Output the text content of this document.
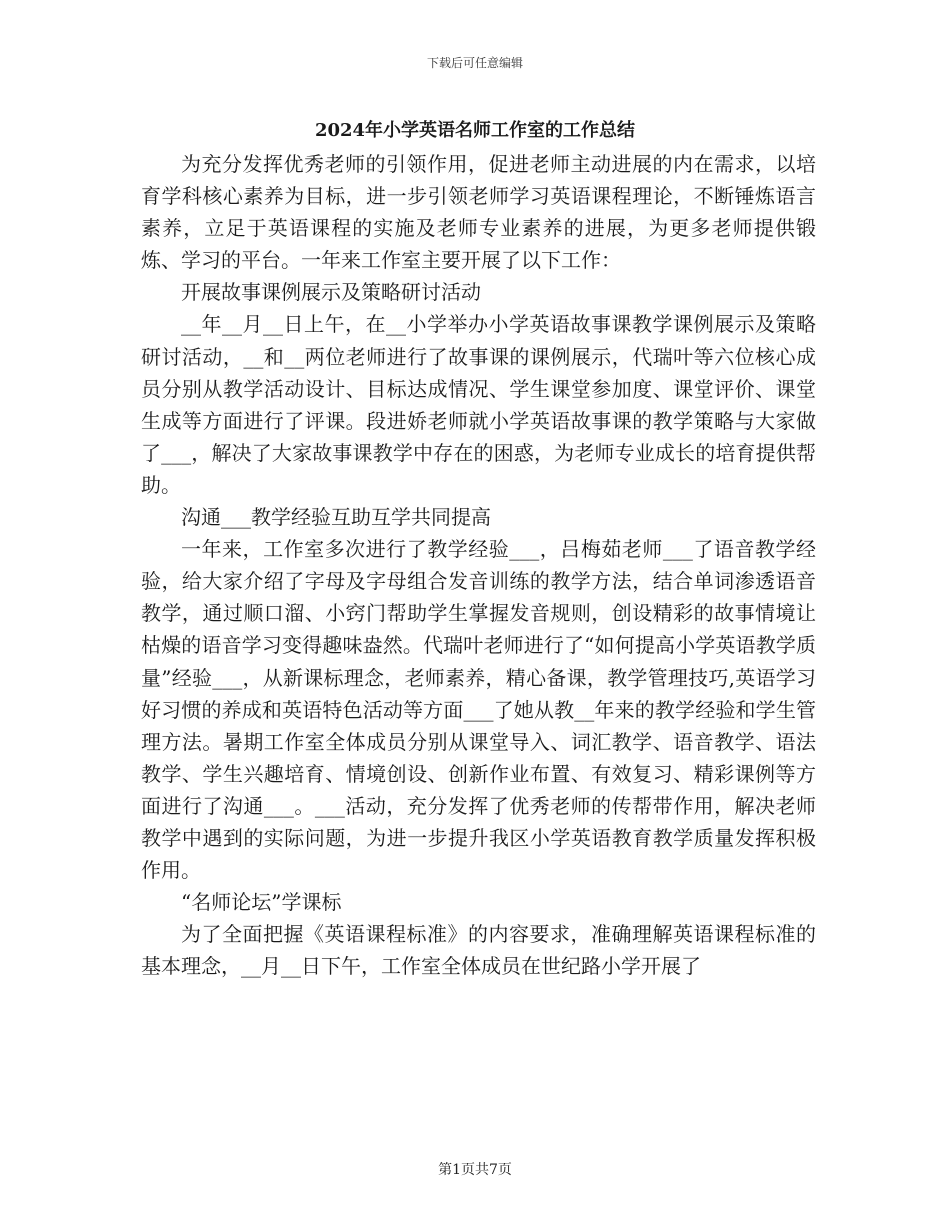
下载后可任意编辑
2024年小学英语名师工作室的工作总结

为充分发挥优秀老师的引领作用，促进老师主动进展的内在需求，以培育学科核心素养为目标，进一步引领老师学习英语课程理论，不断锤炼语言素养，立足于英语课程的实施及老师专业素养的进展，为更多老师提供锻炼、学习的平台。一年来工作室主要开展了以下工作：

开展故事课例展示及策略研讨活动

__年__月__日上午，在__小学举办小学英语故事课教学课例展示及策略研讨活动，__和__两位老师进行了故事课的课例展示，代瑞叶等六位核心成员分别从教学活动设计、目标达成情况、学生课堂参加度、课堂评价、课堂生成等方面进行了评课。段进娇老师就小学英语故事课的教学策略与大家做了___，解决了大家故事课教学中存在的困惑，为老师专业成长的培育提供帮助。

沟通___教学经验互助互学共同提高

一年来，工作室多次进行了教学经验___，吕梅茹老师___了语音教学经验，给大家介绍了字母及字母组合发音训练的教学方法，结合单词渗透语音教学，通过顺口溜、小窍门帮助学生掌握发音规则，创设精彩的故事情境让枯燥的语音学习变得趣味盎然。代瑞叶老师进行了“如何提高小学英语教学质量”经验___，从新课标理念，老师素养，精心备课，教学管理技巧,英语学习好习惯的养成和英语特色活动等方面___了她从教__年来的教学经验和学生管理方法。暑期工作室全体成员分别从课堂导入、词汇教学、语音教学、语法教学、学生兴趣培育、情境创设、创新作业布置、有效复习、精彩课例等方面进行了沟通___。___活动，充分发挥了优秀老师的传帮带作用，解决老师教学中遇到的实际问题，为进一步提升我区小学英语教育教学质量发挥积极作用。

“名师论坛”学课标

为了全面把握《英语课程标准》的内容要求，准确理解英语课程标准的基本理念，__月__日下午，工作室全体成员在世纪路小学开展了

第1页共7页
